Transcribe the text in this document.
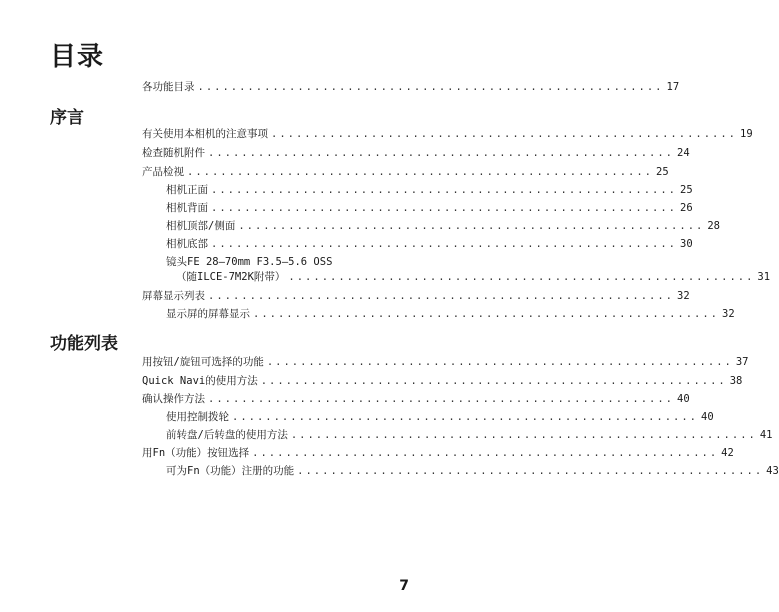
目录
各功能目录 ........................................................ 17
序言
有关使用本相机的注意事项 ........................................................ 19
检查随机附件 ........................................................ 24
产品检视 ........................................................ 25
相机正面 ........................................................ 25
相机背面 ........................................................ 26
相机顶部/侧面 ........................................................ 28
相机底部 ........................................................ 30
镜头FE 28–70mm F3.5–5.6 OSS
（随ILCE-7M2K附带） ........................................................ 31
屏幕显示列表 ........................................................ 32
显示屏的屏幕显示 ........................................................ 32
功能列表
用按钮/旋钮可选择的功能 ........................................................ 37
Quick Navi的使用方法 ........................................................ 38
确认操作方法 ........................................................ 40
使用控制拨轮 ........................................................ 40
前转盘/后转盘的使用方法 ........................................................ 41
用Fn（功能）按钮选择 ........................................................ 42
可为Fn（功能）注册的功能 ........................................................ 43
7
